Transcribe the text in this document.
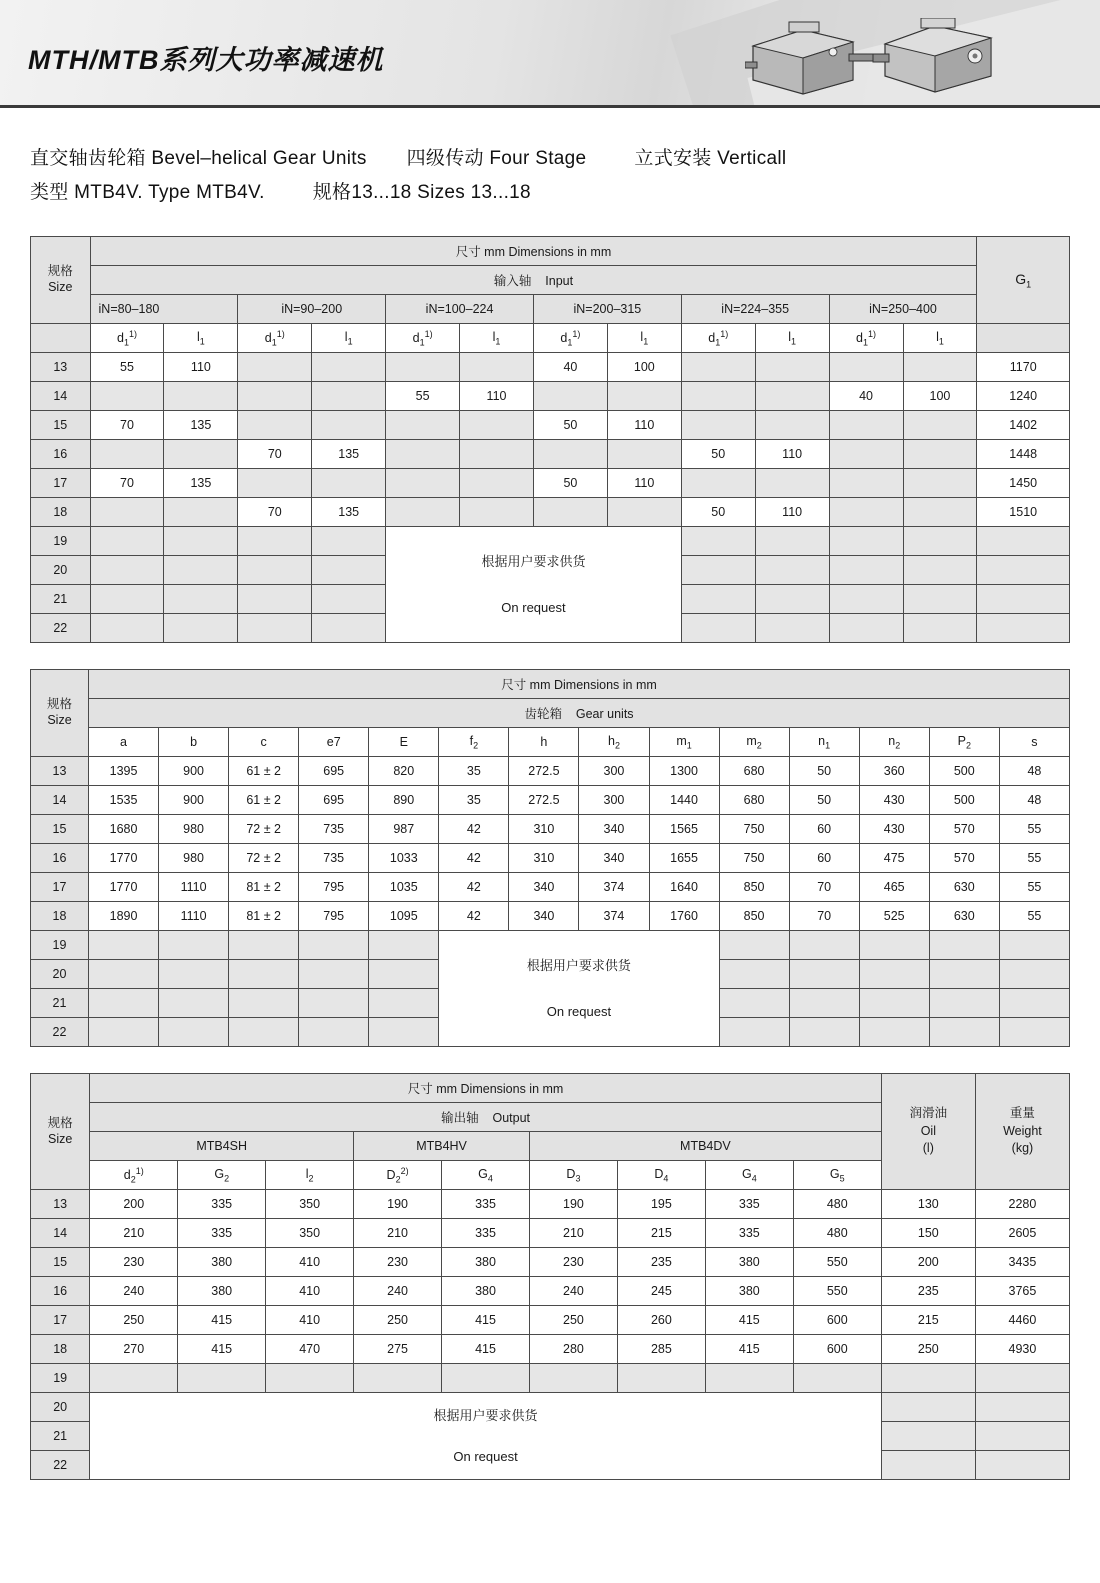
MTH/MTB系列大功率减速机
直交轴齿轮箱 Bevel–helical Gear Units 四级传动 Four Stage	立式安装 Verticall
类型 MTB4V. Type MTB4V.	规格13...18 Sizes 13...18
规格
Size	尺寸 mm Dimensions in mm												$G_1$
	输入轴 Input												
	iN=80–180		iN=90–200		iN=100–224		iN=200–315		iN=224–355		iN=250–400		
	$d_1^{1)}$	$l_1$	$d_1^{1)}$	$l_1$	$d_1^{1)}$	$l_1$	$d_1^{1)}$	$l_1$	$d_1^{1)}$	$l_1$	$d_1^{1)}$	$l_1$	
13	55	110					40	100					1170
14					55	110					40	100	1240
15	70	135					50	110					1402
16			70	135					50	110			1448
17	70	135					50	110					1450
18			70	135					50	110			1510
19					根据用户要求供货
On request								

20													
21													
22													
规格
Size	尺寸 mm Dimensions in mm													
	齿轮箱 Gear units													
	a	b	c	e7	E	$f_2$	h	$h_2$	$m_1$	$m_2$	$n_1$	$n_2$	$P_2$	s
13	1395	900	61 ± 2	695	820	35	272.5	300	1300	680	50	360	500	48
14	1535	900	61 ± 2	695	890	35	272.5	300	1440	680	50	430	500	48
15	1680	980	72 ± 2	735	987	42	310	340	1565	750	60	430	570	55
16	1770	980	72 ± 2	735	1033	42	310	340	1655	750	60	475	570	55
17	1770	1110	81 ± 2	795	1035	42	340	374	1640	850	70	465	630	55
18	1890	1110	81 ± 2	795	1095	42	340	374	1760	850	70	525	630	55
19						根据用户要求供货
On request								

20														
21														
22														
规格
Size	尺寸 mm Dimensions in mm									润滑油
Oil
(l)	重量
Weight
(kg)

	输出轴 Output										
	MTB4SH			MTB4HV		MTB4DV					
	$d_2^{1)}$	$G_2$	$l_2$	$D_2^{2)}$	$G_4$	$D_3$	$D_4$	$G_4$	$G_5$
13	200	335	350	190	335	190	195	335	480	130	2280
14	210	335	350	210	335	210	215	335	480	150	2605
15	230	380	410	230	380	230	235	380	550	200	3435
16	240	380	410	240	380	240	245	380	550	235	3765
17	250	415	410	250	415	250	260	415	600	215	4460
18	270	415	470	275	415	280	285	415	600	250	4930
19											
20	根据用户要求供货
On request										

21											
22											
